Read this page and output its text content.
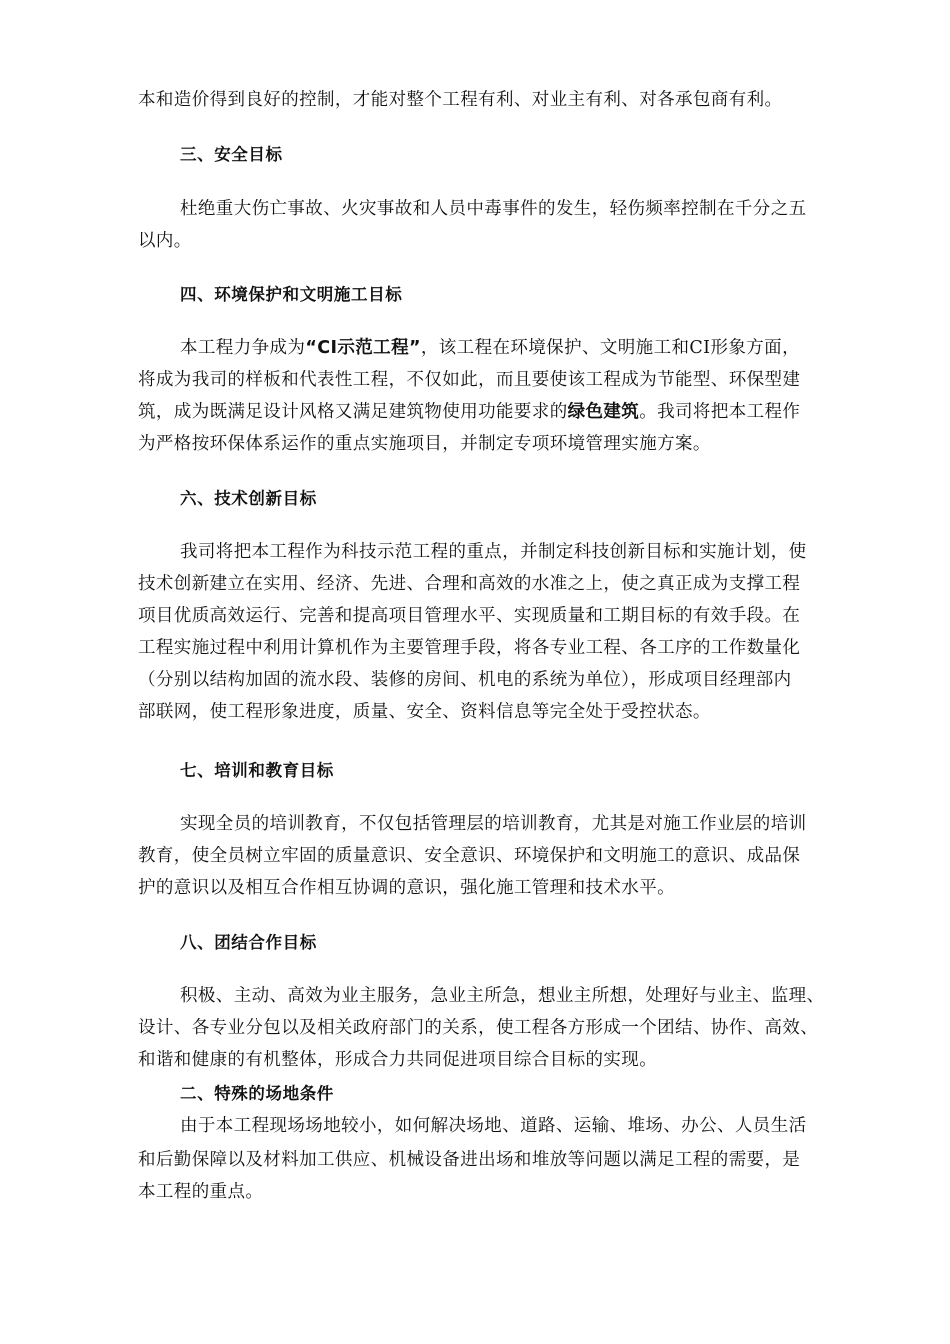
本和造价得到良好的控制，才能对整个工程有利、对业主有利、对各承包商有利。
三、安全目标
杜绝重大伤亡事故、火灾事故和人员中毒事件的发生，轻伤频率控制在千分之五
以内。
四、环境保护和文明施工目标
本工程力争成为“CI示范工程”，该工程在环境保护、文明施工和CI形象方面，
将成为我司的样板和代表性工程，不仅如此，而且要使该工程成为节能型、环保型建
筑，成为既满足设计风格又满足建筑物使用功能要求的绿色建筑。我司将把本工程作
为严格按环保体系运作的重点实施项目，并制定专项环境管理实施方案。
六、技术创新目标
我司将把本工程作为科技示范工程的重点，并制定科技创新目标和实施计划，使
技术创新建立在实用、经济、先进、合理和高效的水准之上，使之真正成为支撑工程
项目优质高效运行、完善和提高项目管理水平、实现质量和工期目标的有效手段。在
工程实施过程中利用计算机作为主要管理手段，将各专业工程、各工序的工作数量化
（分别以结构加固的流水段、装修的房间、机电的系统为单位），形成项目经理部内
部联网，使工程形象进度，质量、安全、资料信息等完全处于受控状态。
七、培训和教育目标
实现全员的培训教育，不仅包括管理层的培训教育，尤其是对施工作业层的培训
教育，使全员树立牢固的质量意识、安全意识、环境保护和文明施工的意识、成品保
护的意识以及相互合作相互协调的意识，强化施工管理和技术水平。
八、团结合作目标
积极、主动、高效为业主服务，急业主所急，想业主所想，处理好与业主、监理、
设计、各专业分包以及相关政府部门的关系，使工程各方形成一个团结、协作、高效、
和谐和健康的有机整体，形成合力共同促进项目综合目标的实现。
二、特殊的场地条件
由于本工程现场场地较小，如何解决场地、道路、运输、堆场、办公、人员生活
和后勤保障以及材料加工供应、机械设备进出场和堆放等问题以满足工程的需要，是
本工程的重点。
